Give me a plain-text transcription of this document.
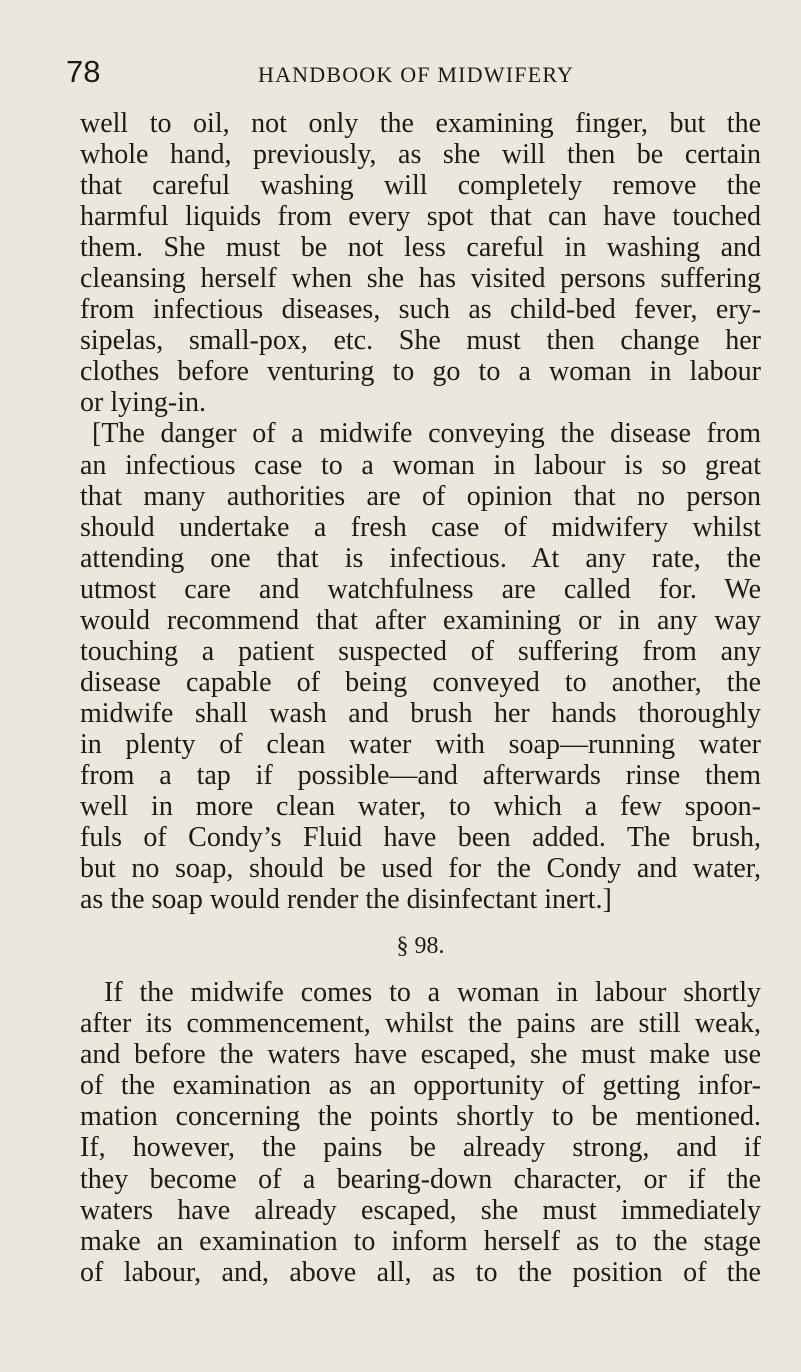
78	HANDBOOK OF MIDWIFERY
well to oil, not only the examining finger, but the
whole hand, previously, as she will then be certain
that careful washing will completely remove the
harmful liquids from every spot that can have touched
them. She must be not less careful in washing and
cleansing herself when she has visited persons suffering
from infectious diseases, such as child-bed fever, ery-
sipelas, small-pox, etc. She must then change her
clothes before venturing to go to a woman in labour
or lying-in.
[The danger of a midwife conveying the disease from
an infectious case to a woman in labour is so great
that many authorities are of opinion that no person
should undertake a fresh case of midwifery whilst
attending one that is infectious. At any rate, the
utmost care and watchfulness are called for. We
would recommend that after examining or in any way
touching a patient suspected of suffering from any
disease capable of being conveyed to another, the
midwife shall wash and brush her hands thoroughly
in plenty of clean water with soap—running water
from a tap if possible—and afterwards rinse them
well in more clean water, to which a few spoon-
fuls of Condy’s Fluid have been added. The brush,
but no soap, should be used for the Condy and water,
as the soap would render the disinfectant inert.]
§ 98.
If the midwife comes to a woman in labour shortly
after its commencement, whilst the pains are still weak,
and before the waters have escaped, she must make use
of the examination as an opportunity of getting infor-
mation concerning the points shortly to be mentioned.
If, however, the pains be already strong, and if
they become of a bearing-down character, or if the
waters have already escaped, she must immediately
make an examination to inform herself as to the stage
of labour, and, above all, as to the position of the
